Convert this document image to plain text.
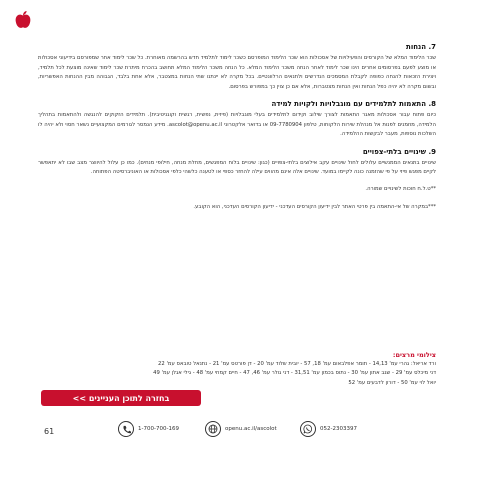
7. הנחות

שכר הלימוד המלא של הקורסים והפעילויות של אסכולות הוא שכר הלימוד המופרסם כשכר לימוד לתלמיד חדש בהרשמה מאוחרת. כל שכר לימוד אחר שמפורסם בידיעוני אסכולות או מוצע לפעם בפרסומים אחרים הינו שכר לימוד לאחר הנחה משכר הלימוד המלא. כל הנחה משכר הלימוד המלא תחושב בהכרח מיתרת שכר לימוד שאינה מוצעת לכל תלמיד, ויצירת הזכאות להנחה כפופה לקבלת המסמכים הנדרשים ולתנאים הרלוונטיים. בכל מקרה לא יינתנו שתי הנחות במצטבר, אלא אחת בלבד, הגבוהה מבין ההנחות האפשריות, ובשום מקרה לא יהיה כפל הנחות ואין הנחות מצטברות, אלא אם כן צוין כך במפורש בפרסום.

8. התאמות לתלמידים עם מוגבלויות ולקויות למידה

כיום פתוח עבור אסכולות מאגר התאמות לצורך שילוב וקידום לתלמידים בעלי מוגבלויות (פיזית, נפשית, רגשית וקוגניטיבית). תלמידים הזקוקים להנגשה ולהתאמות בתהליך הלמידה, מוזמנים לפנות אל מנהלת שירות הלקוחות, טלפון 09-7780904 או בדואר אלקטרוני ascolot@openu.ac.il. מידע הנמסר לגורמים המקצועיים נשאר חסוי ולא יהיה לו השלכות נוספות, מעבר לבקשות ההלמידה.

9. שינויים בלתי-צפויים

שינויים בתנאים הממנשיים עלולים לחול שינויים עקב אילוצים בלתי-צפויים (כגון: שינויים בלוח המפגשים, מחלת מנחה, חילופי מנחים). כמו כן עלול להיווצר מצב שבו לא יתאפשר לקיים מפגש פיזי על פי שהזמנה כונה לקיימו במועד. שינויים אלה אינם מהווים עילה להחזר כספי או לטענה כלשהי כלפי אסכולות או האוניברסיטה הפתוחה.

**ט.ל.ח חוכות לשינויים שמורה.

***במקרה של אי-התאמה בין פרטי האתר לבין ידיעון הקורסים העדכני - ידיעון הקורסים העדכני, הוא הקובע.

צילומי מרצים:
ורד אריאל: גהרי עמ' 14,13 - תומר אפלבאום עמ' 18, 57 - יובית שלוד עמ' 20 - דן פורטס עמ' 21 - נתנאל טובאס עמ' 22
דני מיכלס עמ' 29 - שגב אתון עמ' 30 - נתוס בכמון עמ' 31,51 - דני גולר עמ' 46, 47 - חיים קמחי עמ' 48 - גילי אגלן עמ' 49
יואל לוי עמ' 50 - דורון לדבעים עמ' 52
בחזרה לתוכן העניינים >>
61	1-700-700-169	openu.ac.il/ascolot	052-2303397
